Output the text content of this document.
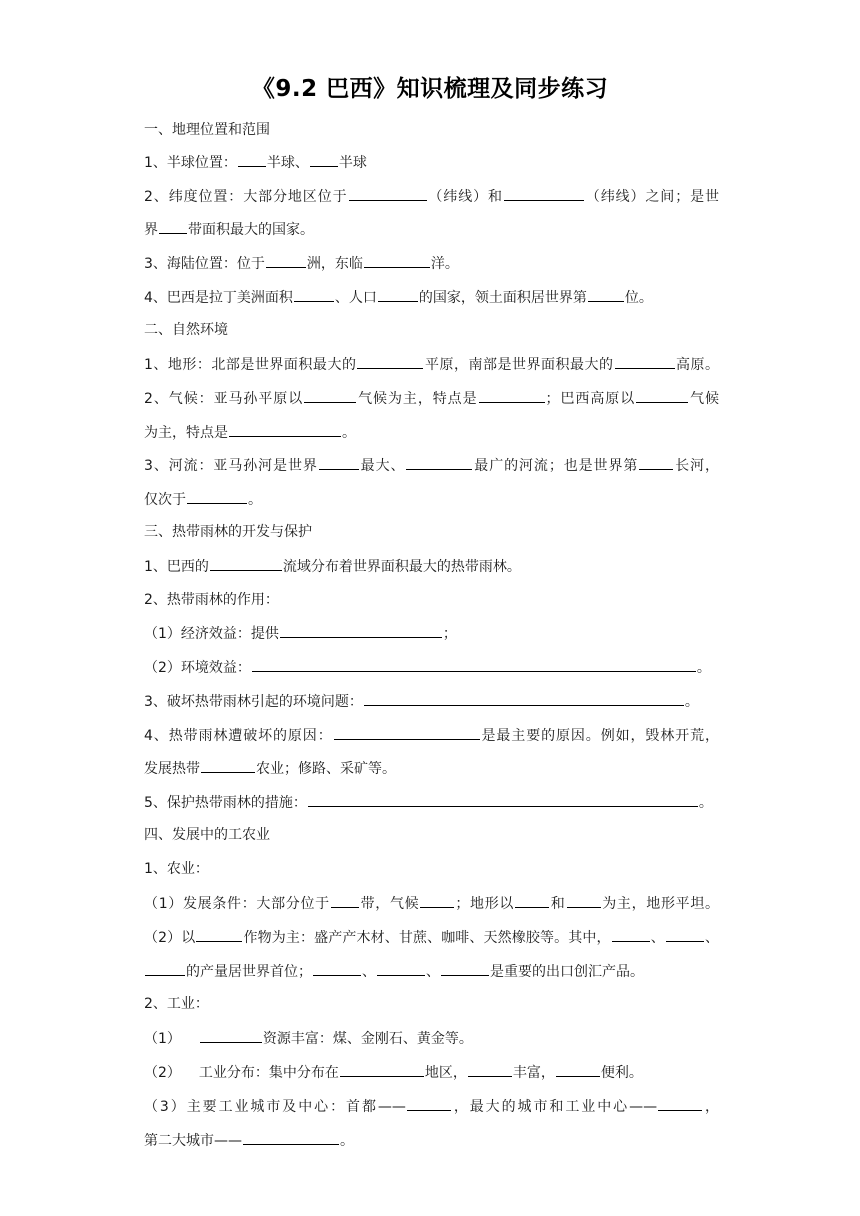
《9.2 巴西》知识梳理及同步练习
一、地理位置和范围
1、半球位置： 半球、 半球
2、纬度位置：大部分地区位于	（纬线）和	（纬线）之间；是世
界 带面积最大的国家。
3、海陆位置：位于	洲，东临	洋。
4、巴西是拉丁美洲面积	、人口	的国家，领土面积居世界第	位。
二、自然环境
1、地形：北部是世界面积最大的	平原，南部是世界面积最大的	高原。
2、气候：亚马孙平原以	气候为主，特点是	；巴西高原以	气候
为主，特点是	。
3、河流：亚马孙河是世界	最大、	最广的河流；也是世界第	长河，
仅次于	。
三、热带雨林的开发与保护
1、巴西的	流域分布着世界面积最大的热带雨林。
2、热带雨林的作用：
（1）经济效益：提供	；
（2）环境效益：	。
3、破坏热带雨林引起的环境问题：	。
4、热带雨林遭破坏的原因：	是最主要的原因。例如，毁林开荒，
发展热带	农业；修路、采矿等。
5、保护热带雨林的措施：	。
四、发展中的工农业
1、农业：
（1）发展条件：大部分位于 带，气候	；地形以	和	为主，地形平坦。
（2）以	作物为主：盛产产木材、甘蔗、咖啡、天然橡胶等。其中，	、	、
的产量居世界首位；	、	、	是重要的出口创汇产品。
2、工业：
（1）	资源丰富：煤、金刚石、黄金等。
（2） 工业分布：集中分布在	地区，	丰富，	便利。
（3）主要工业城市及中心：首都——	，最大的城市和工业中心——	，
第二大城市——	。
